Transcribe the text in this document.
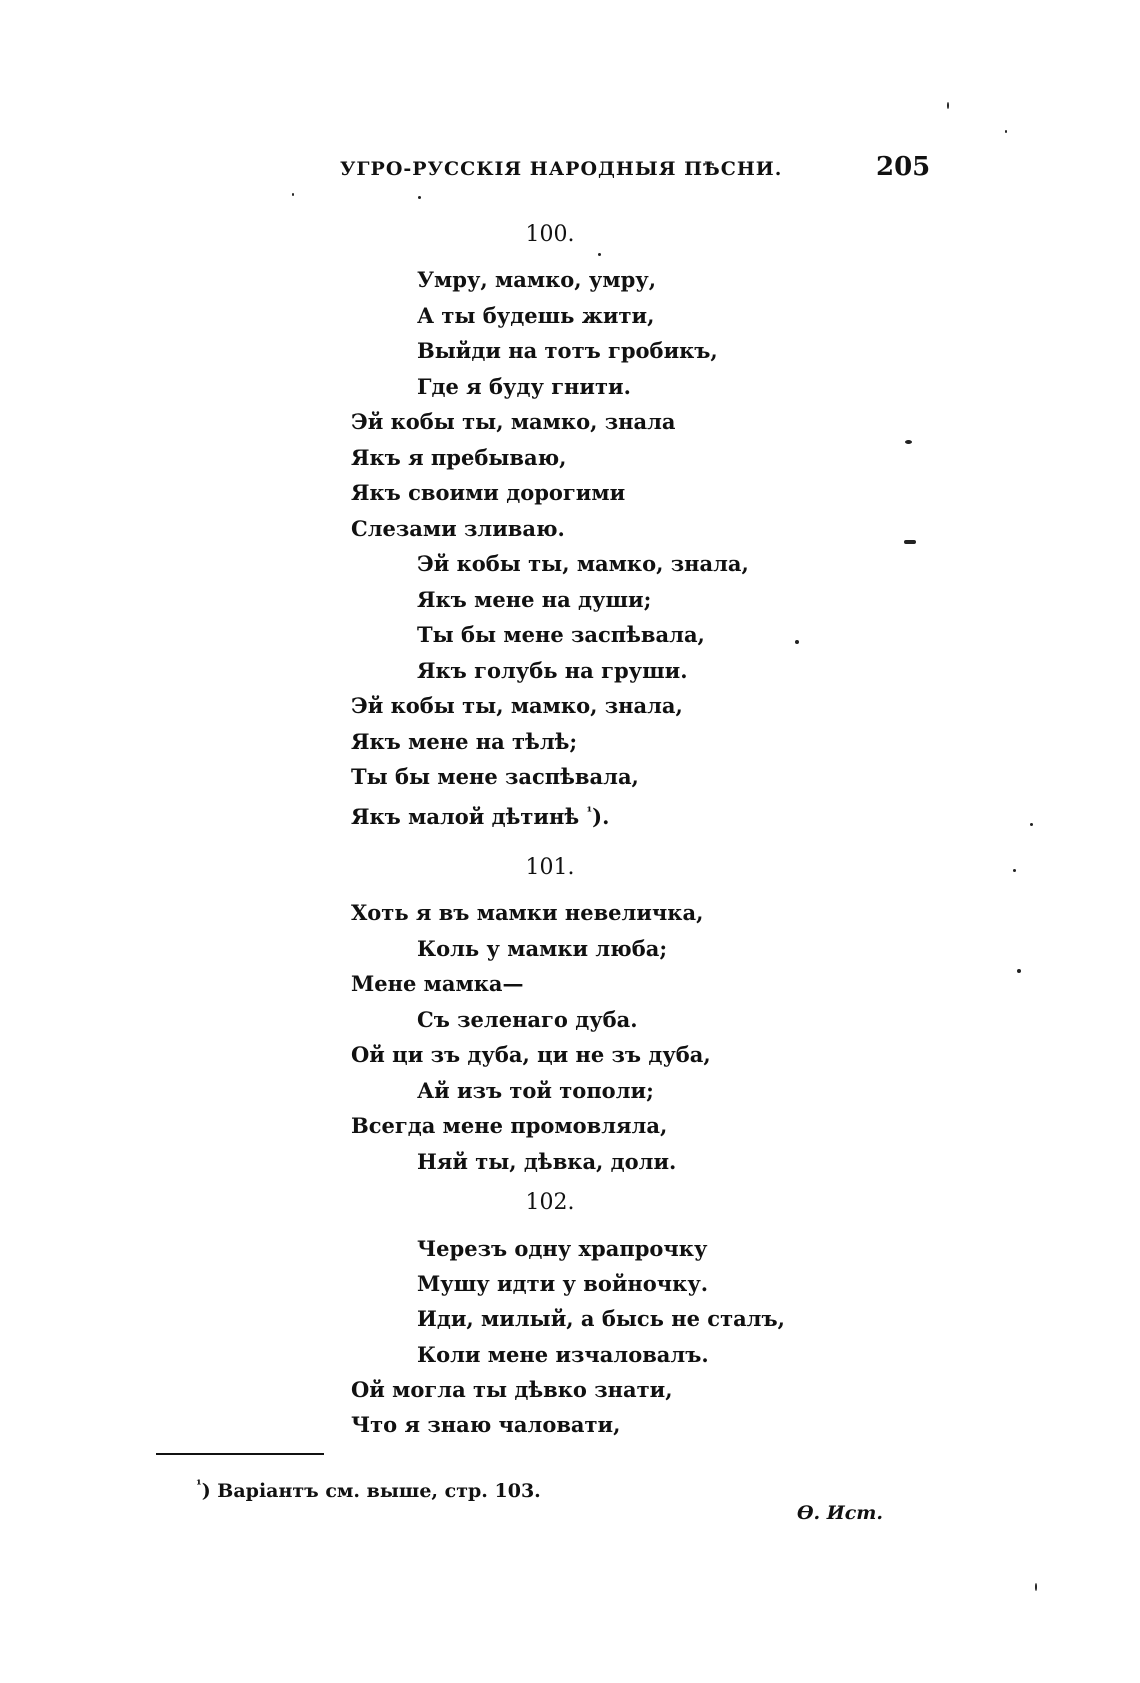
УГРО-РУССКІЯ НАРОДНЫЯ ПѢСНИ.	205
100.
Умру, мамко, умру,
А ты будешь жити,
Выйди на тотъ гробикъ,
Где я буду гнити.
Эй кобы ты, мамко, знала
Якъ я пребываю,
Якъ своими дорогими
Слезами зливаю.
Эй кобы ты, мамко, знала,
Якъ мене на души;
Ты бы мене заспѣвала,
Якъ голубь на груши.
Эй кобы ты, мамко, знала,
Якъ мене на тѣлѣ;
Ты бы мене заспѣвала,
Якъ малой дѣтинѣ $^{^1}$).
101.
Хоть я въ мамки невеличка,
Коль у мамки люба;
Мене мамка—
Съ зеленаго дуба.
Ой ци зъ дуба, ци не зъ дуба,
Ай изъ той тополи;
Всегда мене промовляла,
Няй ты, дѣвка, доли.
102.
Черезъ одну храпрочку
Мушу идти у войночку.
Иди, милый, а бысь не сталъ,
Коли мене изчаловалъ.
Ой могла ты дѣвко знати,
Что я знаю чаловати,
$^{^1}$) Варіантъ см. выше, стр. 103.
Ѳ. Ист.
